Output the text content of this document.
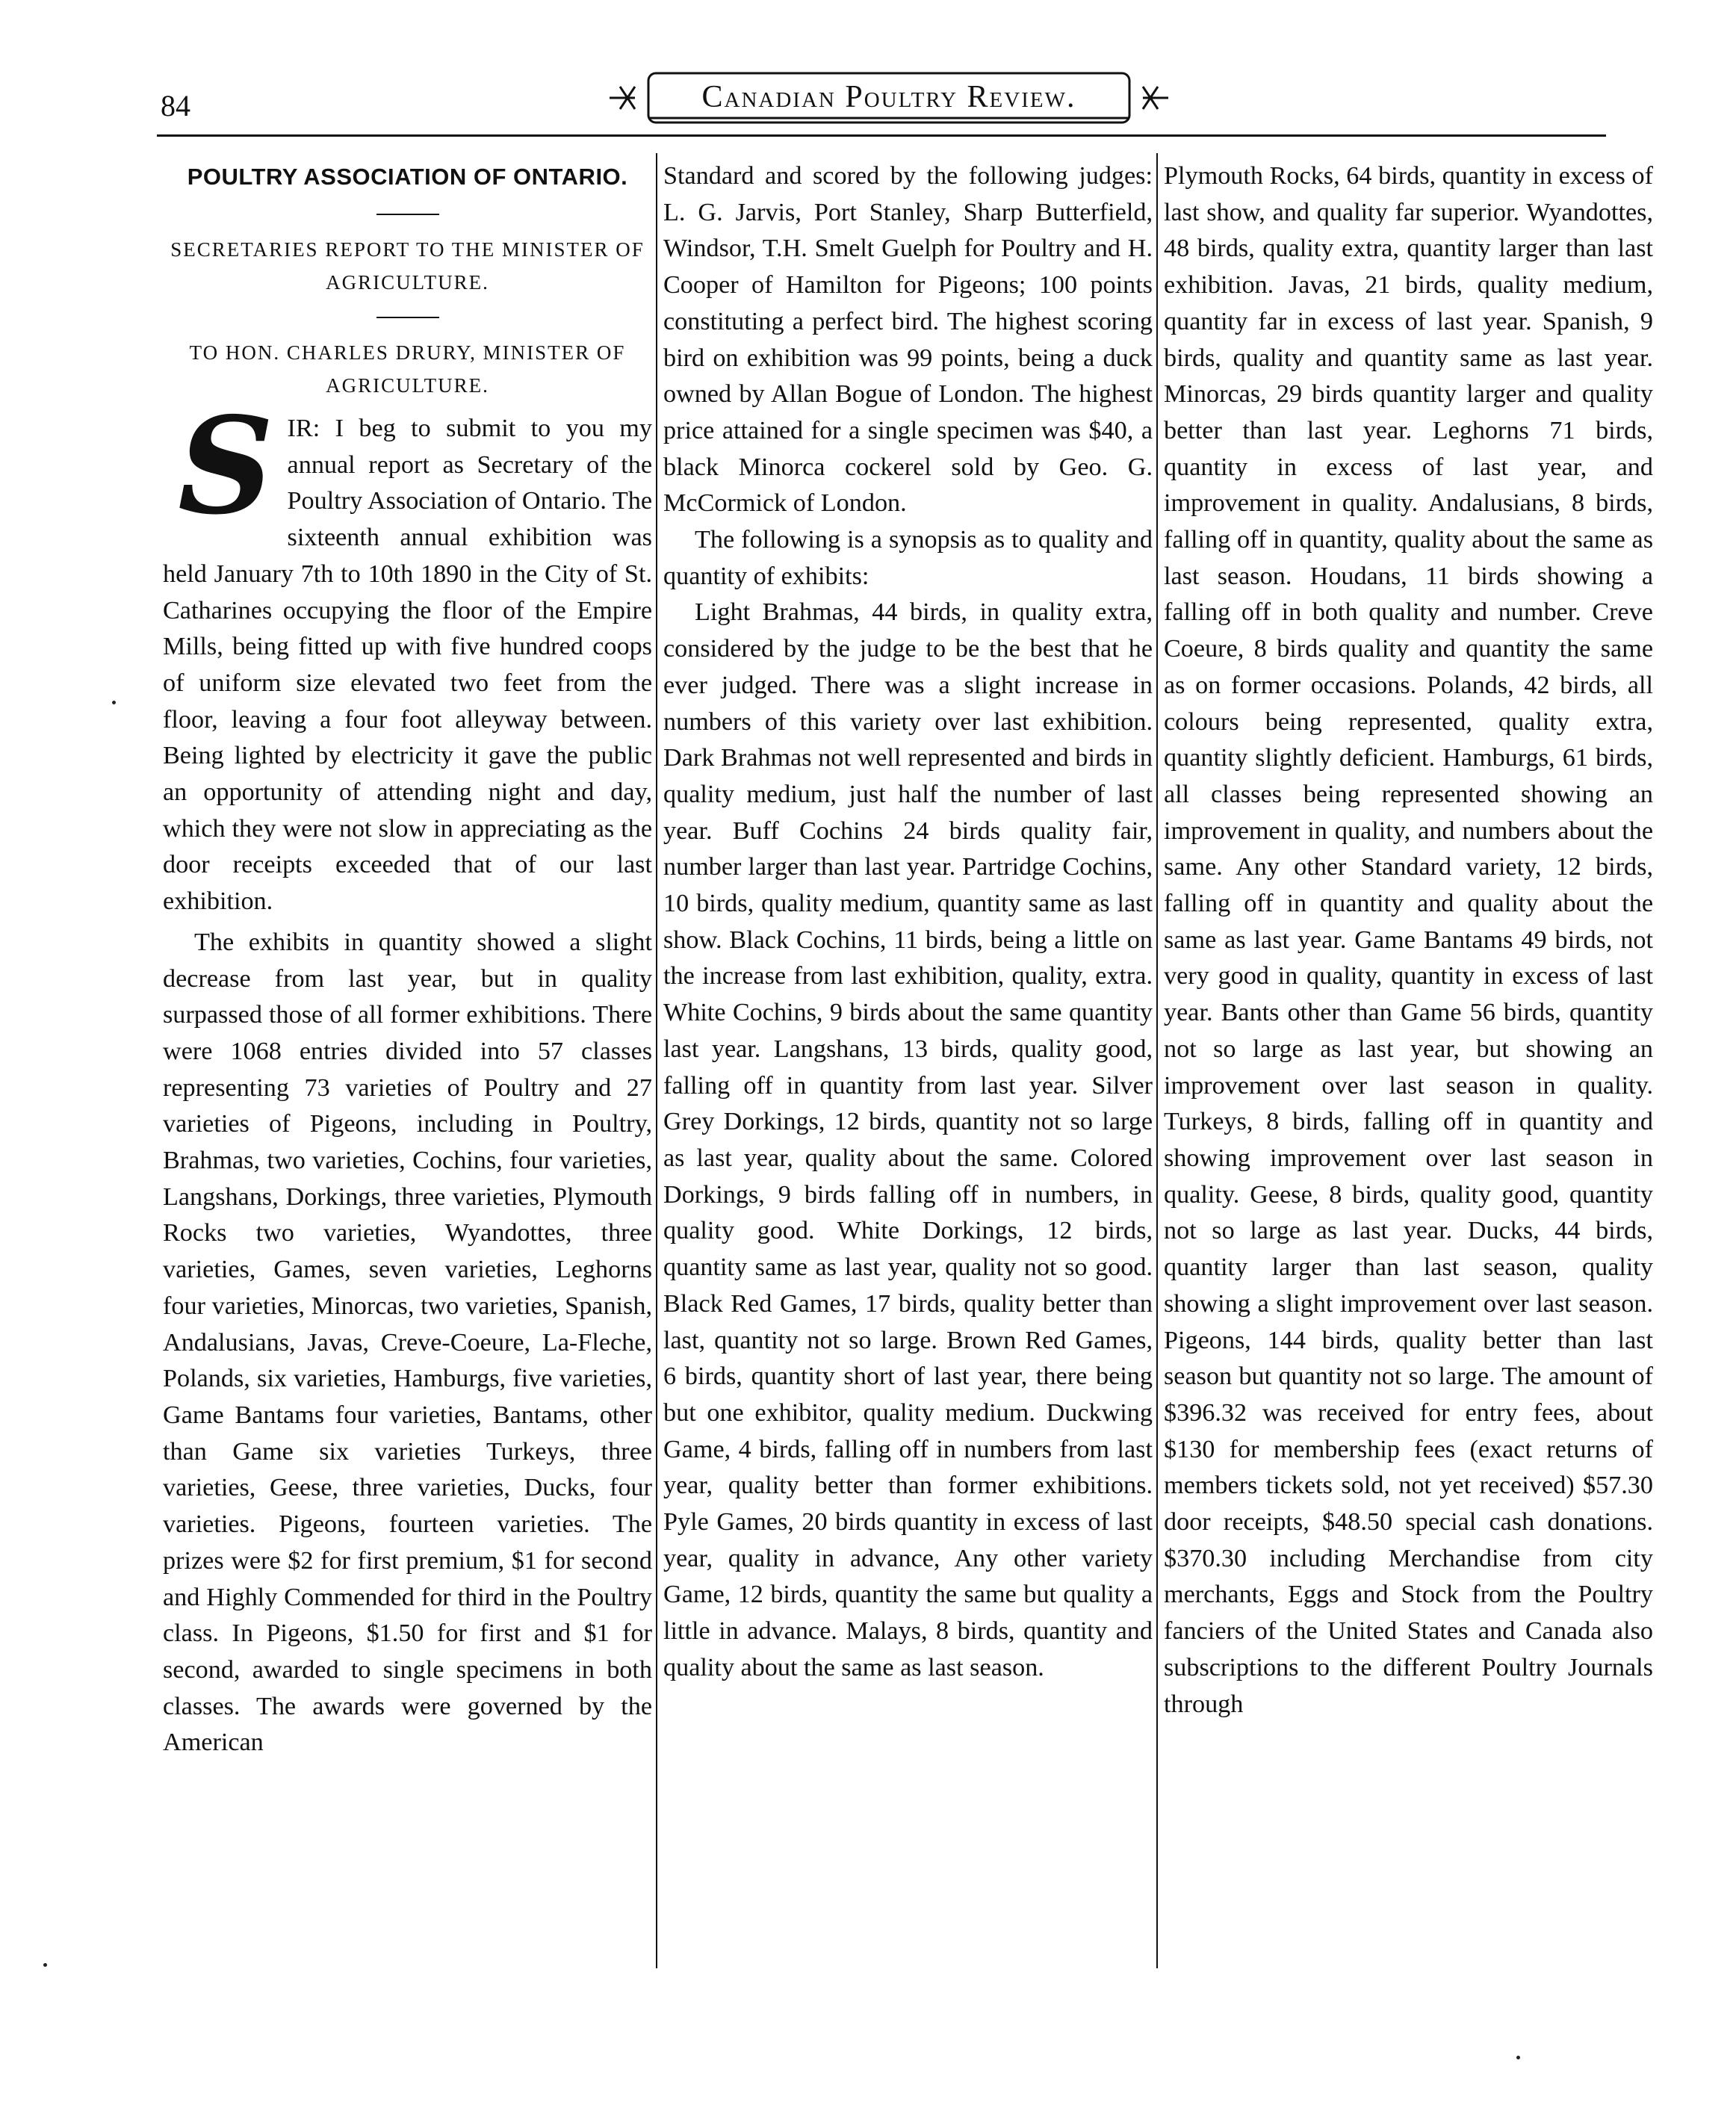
84	Canadian Poultry Review.

POULTRY ASSOCIATION OF ONTARIO.

SECRETARIES REPORT TO THE MINISTER OF AGRICULTURE.

TO HON. CHARLES DRURY, MINISTER OF AGRICULTURE.

S IR: I beg to submit to you my annual report as Secretary of the Poultry Association of Ontario. The sixteenth annual exhibition was held January 7th to 10th 1890 in the City of St. Catharines occupying the floor of the Empire Mills, being fitted up with five hundred coops of uniform size elevated two feet from the floor, leaving a four foot alleyway between. Being lighted by electricity it gave the public an opportunity of attending night and day, which they were not slow in appreciating as the door receipts exceeded that of our last exhibition.

The exhibits in quantity showed a slight decrease from last year, but in quality surpassed those of all former exhibitions. There were 1068 entries divided into 57 classes representing 73 varieties of Poultry and 27 varieties of Pigeons, including in Poultry, Brahmas, two varieties, Cochins, four varieties, Langshans, Dorkings, three varieties, Plymouth Rocks two varieties, Wyandottes, three varieties, Games, seven varieties, Leghorns four varieties, Minorcas, two varieties, Spanish, Andalusians, Javas, Creve-Coeure, La-Fleche, Polands, six varieties, Hamburgs, five varieties, Game Bantams four varieties, Bantams, other than Game six varieties Turkeys, three varieties, Geese, three varieties, Ducks, four varieties. Pigeons, fourteen varieties. The prizes were $2 for first premium, $1 for second and Highly Commended for third in the Poultry class. In Pigeons, $1.50 for first and $1 for second, awarded to single specimens in both classes. The awards were governed by the American

Standard and scored by the following judges: L. G. Jarvis, Port Stanley, Sharp Butterfield, Windsor, T.H. Smelt Guelph for Poultry and H. Cooper of Hamilton for Pigeons; 100 points constituting a perfect bird. The highest scoring bird on exhibition was 99 points, being a duck owned by Allan Bogue of London. The highest price attained for a single specimen was $40, a black Minorca cockerel sold by Geo. G. McCormick of London.

The following is a synopsis as to quality and quantity of exhibits:

Light Brahmas, 44 birds, in quality extra, considered by the judge to be the best that he ever judged. There was a slight increase in numbers of this variety over last exhibition. Dark Brahmas not well represented and birds in quality medium, just half the number of last year. Buff Cochins 24 birds quality fair, number larger than last year. Partridge Cochins, 10 birds, quality medium, quantity same as last show. Black Cochins, 11 birds, being a little on the increase from last exhibition, quality, extra. White Cochins, 9 birds about the same quantity last year. Langshans, 13 birds, quality good, falling off in quantity from last year. Silver Grey Dorkings, 12 birds, quantity not so large as last year, quality about the same. Colored Dorkings, 9 birds falling off in numbers, in quality good. White Dorkings, 12 birds, quantity same as last year, quality not so good. Black Red Games, 17 birds, quality better than last, quantity not so large. Brown Red Games, 6 birds, quantity short of last year, there being but one exhibitor, quality medium. Duckwing Game, 4 birds, falling off in numbers from last year, quality better than former exhibitions. Pyle Games, 20 birds quantity in excess of last year, quality in advance, Any other variety Game, 12 birds, quantity the same but quality a little in advance. Malays, 8 birds, quantity and quality about the same as last season.

Plymouth Rocks, 64 birds, quantity in excess of last show, and quality far superior. Wyandottes, 48 birds, quality extra, quantity larger than last exhibition. Javas, 21 birds, quality medium, quantity far in excess of last year. Spanish, 9 birds, quality and quantity same as last year. Minorcas, 29 birds quantity larger and quality better than last year. Leghorns 71 birds, quantity in excess of last year, and improvement in quality. Andalusians, 8 birds, falling off in quantity, quality about the same as last season. Houdans, 11 birds showing a falling off in both quality and number. Creve Coeure, 8 birds quality and quantity the same as on former occasions. Polands, 42 birds, all colours being represented, quality extra, quantity slightly deficient. Hamburgs, 61 birds, all classes being represented showing an improvement in quality, and numbers about the same. Any other Standard variety, 12 birds, falling off in quantity and quality about the same as last year. Game Bantams 49 birds, not very good in quality, quantity in excess of last year. Bants other than Game 56 birds, quantity not so large as last year, but showing an improvement over last season in quality. Turkeys, 8 birds, falling off in quantity and showing improvement over last season in quality. Geese, 8 birds, quality good, quantity not so large as last year. Ducks, 44 birds, quantity larger than last season, quality showing a slight improvement over last season. Pigeons, 144 birds, quality better than last season but quantity not so large. The amount of $396.32 was received for entry fees, about $130 for membership fees (exact returns of members tickets sold, not yet received) $57.30 door receipts, $48.50 special cash donations. $370.30 including Merchandise from city merchants, Eggs and Stock from the Poultry fanciers of the United States and Canada also subscriptions to the different Poultry Journals through
